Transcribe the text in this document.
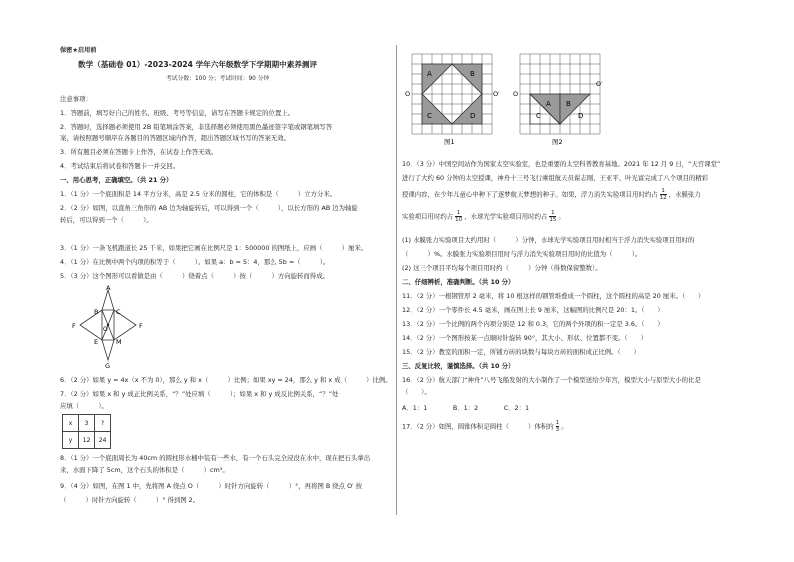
保密★启用前
数学（基础卷 01）-2023-2024 学年六年级数学下学期期中素养测评
考试分数：100 分；考试时间：90 分钟
注意事项：
1．答题前，填写好自己的姓名、班级、考号等信息，请写在答题卡规定的位置上。
2．答题时，选择题必须使用 2B 铅笔填涂答案，非选择题必须使用黑色墨迹签字笔或钢笔填写答
案，请按照题号顺序在各题目的答题区域内作答，超出答题区域书写的答案无效。
3．所有题目必须在答题卡上作答，在试卷上作答无效。
4．考试结束后将试卷和答题卡一并交回。
一、用心思考，正确填空。（共 21 分）
1．（1 分）一个底面积是 14 平方分米，高是 2.5 分米的圆柱，它的体积是（　　　）立方分米。
2．（2 分）如图，以直角三角形的 AB 边为轴旋转后，可以得到一个（　　　），以长方形的 AB 边为轴旋
转后，可以得到一个（　　　）。
3．（1 分）一条飞机跑道长 25 千米，如果把它画在比例尺是 1：500000 的图纸上，应画（　　　）厘米。
4．（1 分）在比例中两个内项的积等于（　　　）。如果 a：b = 5：4，那么 5b =（　　　）。
5．（3 分）这个图形可以看做是由（　　　）绕着点（　　　）按（　　　）方向旋转而得成。
A
B	C
F	F
E	M
G
O
6．（2 分）如果 y = 4x（x 不为 0），那么 y 和 x（　　　）比例；如果 xy = 24，那么 y 和 x 成（　　　）比例。
7．（2 分）如果 x 和 y 成正比例关系，“？”处应填（　　　）；如果 x 和 y 成反比例关系，“？”处
应填（　　　）。
x	3	?
y	12	24
8．（1 分）一个底面周长为 40cm 的圆柱形水桶中装有一些水，有一个石头完全浸没在水中，现在把石头拿出
来，水面下降了 5cm，这个石头的体积是（　　　）cm³。
9．（4 分）如图，在图 1 中，先将图 A 绕点 O（　　　）时针方向旋转（　　　）°，再将图 B 绕点 O′ 按
（　　　）时针方向旋转（　　　）° 得到图 2。
A	B
C	D
O	O′
图1
A B
C	D
O
O′
图2
10．（3 分）中国空间站作为国家太空实验室，也是重要的太空科普教育基地。2021 年 12 月 9 日，“天宫课堂”
进行了大约 60 分钟的太空授课，神舟十三号飞行乘组航天员翟志刚、王亚平、叶光富完成了八个项目的精彩
授课内容，在少年儿童心中种下了逐梦航天梦想的种子。如果，浮力消失实验项目用时约占 $\frac{1}{12}$ ，水膜张力
实验项目用时约占 $\frac{1}{10}$ ，水球光学实验项目用时约占 $\frac{1}{15}$ 。
(1) 水膜张力实验项目大约用时（　　　）分钟，水球光学实验项目用时相当于浮力消失实验项目用时的
（　　　）%。水膜张力实验项目用时与浮力消失实验项目用时的比值为（　　　）。
(2) 这三个项目平均每个项目用时约（　　　）分钟（得数保留整数）。
二、仔细辨析，准确判断。（共 10 分）
11．（2 分）一根钢管厚 2 毫米，将 10 根这样的钢管堆叠成一个圆柱，这个圆柱的高是 20 厘米。（　　）
12．（2 分）一个零件长 4.5 毫米，画在图上长 9 厘米，这幅图的比例尺是 20：1。（　　）
13．（2 分）一个比例的两个内项分别是 12 和 0.3，它的两个外项的积一定是 3.6。（　　）
14．（2 分）一个图形按某一点顺时针旋转 90°，其大小、形状、位置都不变。（　　）
15．（2 分）教室的面积一定，所铺方砖的块数与每块方砖的面积成正比例。（　　）
三、反复比较，谨慎选择。（共 10 分）
16．（2 分）航天部门“神舟”八号飞船发射的大小制作了一个模型送给少年宫，模型大小与原型大小的比是
（　　）。
A．1：1　　　　B．1：2　　　　C．2：1
17．（2 分）如图，圆锥体积是圆柱（　　　）体积的 $\frac{1}{3}$ 。
